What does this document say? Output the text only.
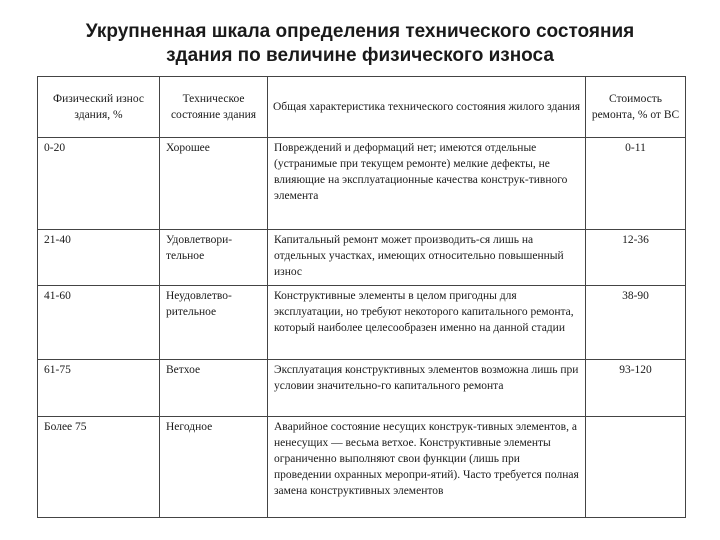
Укрупненная шкала определения технического состояния
здания по величине физического износа
Физический износ здания, %	Техническое состояние здания	Общая характеристика технического состояния жилого здания	Стоимость ремонта, % от ВС
0-20	Хорошее	Повреждений и деформаций нет; имеются отдельные (устранимые при текущем ремонте) мелкие дефекты, не влияющие на эксплуатационные качества конструк-тивного элемента	0-11
21-40	Удовлетвори-тельное	Капитальный ремонт может производить-ся лишь на отдельных участках, имеющих относительно повышенный износ	12-36
41-60	Неудовлетво-рительное	Конструктивные элементы в целом пригодны для эксплуатации, но требуют некоторого капитального ремонта, который наиболее целесообразен именно на данной стадии	38-90
61-75	Ветхое	Эксплуатация конструктивных элементов возможна лишь при условии значительно-го капитального ремонта	93-120
Более 75	Негодное	Аварийное состояние несущих конструк-тивных элементов, а ненесущих — весьма ветхое. Конструктивные элементы ограниченно выполняют свои функции (лишь при проведении охранных меропри-ятий). Часто требуется полная замена конструктивных элементов	
